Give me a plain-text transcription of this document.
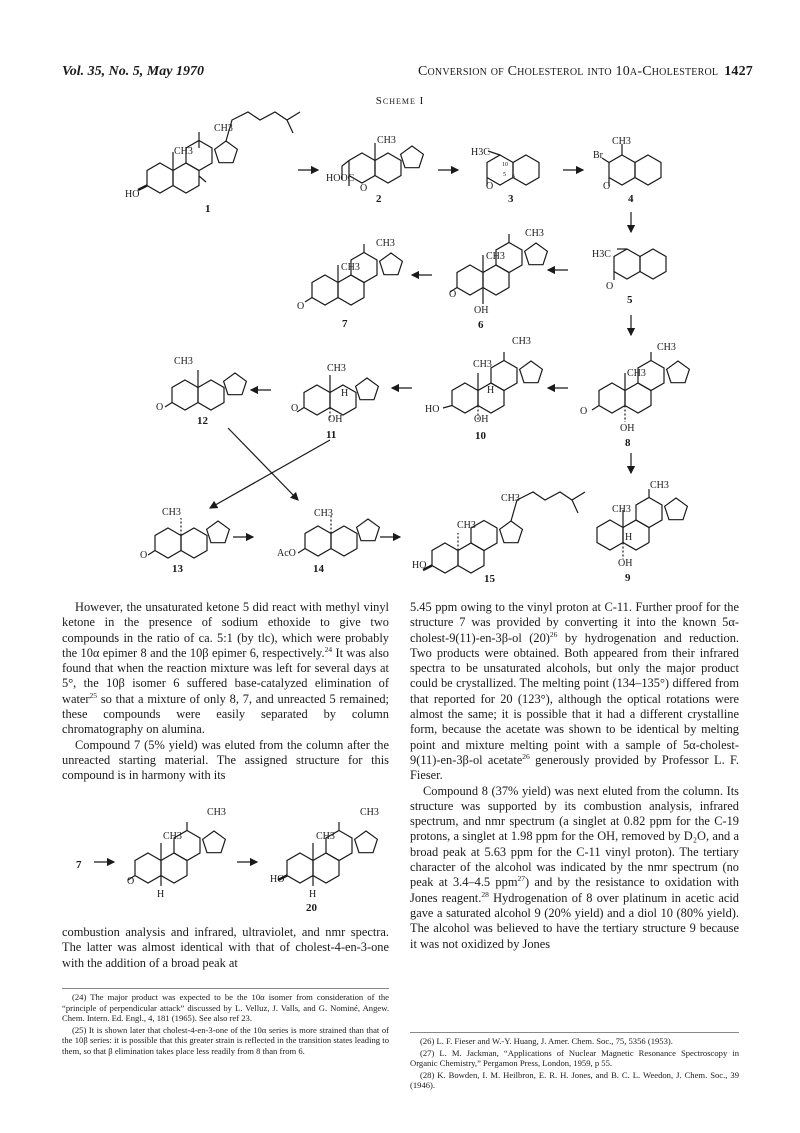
Vol. 35, No. 5, May 1970	Conversion of Cholesterol into 10α-Cholesterol 1427
Scheme I
CH3
CH3
HO
1
HOOC
O
CH3
2
H3C
10
5 6
O
3
CH3
Br
O
4
H3C
O
5
CH3
CH3
O
OH
6
CH3
CH3
O
7
CH3
CH3
O
OH
8
CH3
CH3
H
HO
OH
10
CH3
H
O
OH
11
CH3
O
12
CH3
O
13
CH3
AcO
14
CH3
CH3
HO
15
CH3
CH3
H
OH
9
7
CH3
CH3
O
H
CH3
CH3
HO
H
20

However, the unsaturated ketone 5 did react with methyl vinyl ketone in the presence of sodium ethoxide to give two compounds in the ratio of ca. 5:1 (by tlc), which were probably the 10α epimer 8 and the 10β epimer 6, respectively.$^{24}$ It was also found that when the reaction mixture was left for several days at 5°, the 10β isomer 6 suffered base-catalyzed elimination of water$^{25}$ so that a mixture of only 8, 7, and unreacted 5 remained; these compounds were easily separated by column chromatography on alumina.

Compound 7 (5% yield) was eluted from the column after the unreacted starting material. The assigned structure for this compound is in harmony with its

combustion analysis and infrared, ultraviolet, and nmr spectra. The latter was almost identical with that of cholest-4-en-3-one with the addition of a broad peak at

(24) The major product was expected to be the 10α isomer from consideration of the “principle of perpendicular attack” discussed by L. Velluz, J. Valls, and G. Nominé, Angew. Chem. Intern. Ed. Engl., 4, 181 (1965). See also ref 23.

(25) It is shown later that cholest-4-en-3-one of the 10α series is more strained than that of the 10β series: it is possible that this greater strain is reflected in the transition states leading to them, so that β elimination takes place less readily from 8 than from 6.

5.45 ppm owing to the vinyl proton at C-11. Further proof for the structure 7 was provided by converting it into the known 5α-cholest-9(11)-en-3β-ol $(20)^{26}$ by hydrogenation and reduction. Two products were obtained. Both appeared from their infrared spectra to be unsaturated alcohols, but only the major product could be crystallized. The melting point (134–135°) differed from that reported for 20 (123°), although the optical rotations were almost the same; it is possible that it had a different crystalline form, because the acetate was shown to be identical by melting point and mixture melting point with a sample of 5α-cholest-9(11)-en-3β-ol acetate$^{26}$ generously provided by Professor L. F. Fieser.

Compound 8 (37% yield) was next eluted from the column. Its structure was supported by its combustion analysis, infrared spectrum, and nmr spectrum (a singlet at 0.82 ppm for the C-19 protons, a singlet at 1.98 ppm for the OH, removed by D₂O, and a broad peak at 5.63 ppm for the C-11 vinyl proton). The tertiary character of the alcohol was indicated by the nmr spectrum (no peak at 3.4–4.5 ppm$^{27}$) and by the resistance to oxidation with Jones reagent.$^{28}$ Hydrogenation of 8 over platinum in acetic acid gave a saturated alcohol 9 (20% yield) and a diol 10 (80% yield). The alcohol was believed to have the tertiary structure 9 because it was not oxidized by Jones

(26) L. F. Fieser and W.-Y. Huang, J. Amer. Chem. Soc., 75, 5356 (1953).

(27) L. M. Jackman, “Applications of Nuclear Magnetic Resonance Spectroscopy in Organic Chemistry,” Pergamon Press, London, 1959, p 55.

(28) K. Bowden, I. M. Heilbron, E. R. H. Jones, and B. C. L. Weedon, J. Chem. Soc., 39 (1946).
